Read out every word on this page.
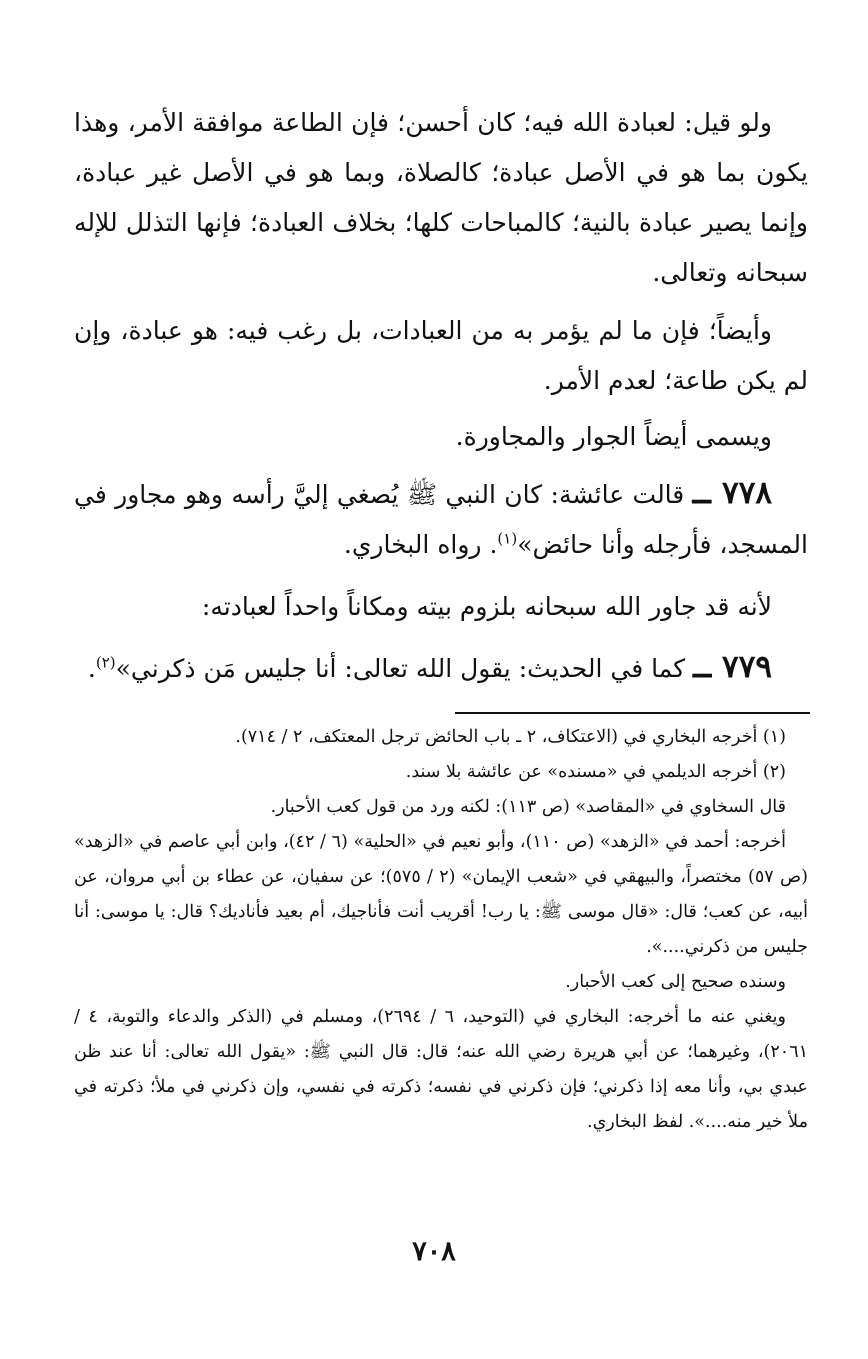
ولو قيل: لعبادة الله فيه؛ كان أحسن؛ فإن الطاعة موافقة الأمر، وهذا يكون بما هو في الأصل عبادة؛ كالصلاة، وبما هو في الأصل غير عبادة، وإنما يصير عبادة بالنية؛ كالمباحات كلها؛ بخلاف العبادة؛ فإنها التذلل للإله سبحانه وتعالى.

وأيضاً؛ فإن ما لم يؤمر به من العبادات، بل رغب فيه: هو عبادة، وإن لم يكن طاعة؛ لعدم الأمر.

ويسمى أيضاً الجوار والمجاورة.

٧٧٨ ــ قالت عائشة: كان النبي ﷺ يُصغي إليَّ رأسه وهو مجاور في المسجد، فأرجله وأنا حائض»$^{(١)}$. رواه البخاري.

لأنه قد جاور الله سبحانه بلزوم بيته ومكاناً واحداً لعبادته:

٧٧٩ ــ كما في الحديث: يقول الله تعالى: أنا جليس مَن ذكرني»$^{(٢)}$.

(١) أخرجه البخاري في (الاعتكاف، ٢ ـ باب الحائض ترجل المعتكف، ٢ / ٧١٤).

(٢) أخرجه الديلمي في «مسنده» عن عائشة بلا سند.

قال السخاوي في «المقاصد» (ص ١١٣): لكنه ورد من قول كعب الأحبار.

أخرجه: أحمد في «الزهد» (ص ١١٠)، وأبو نعيم في «الحلية» (٦ / ٤٢)، وابن أبي عاصم في «الزهد» (ص ٥٧) مختصراً، والبيهقي في «شعب الإيمان» (٢ / ٥٧٥)؛ عن سفيان، عن عطاء بن أبي مروان، عن أبيه، عن كعب؛ قال: «قال موسى ﷺ: يا رب! أقريب أنت فأناجيك، أم بعيد فأناديك؟ قال: يا موسى: أنا جليس من ذكرني....».

وسنده صحيح إلى كعب الأحبار.

ويغني عنه ما أخرجه: البخاري في (التوحيد، ٦ / ٢٦٩٤)، ومسلم في (الذكر والدعاء والتوبة، ٤ / ٢٠٦١)، وغيرهما؛ عن أبي هريرة رضي الله عنه؛ قال: قال النبي ﷺ: «يقول الله تعالى: أنا عند ظن عبدي بي، وأنا معه إذا ذكرني؛ فإن ذكرني في نفسه؛ ذكرته في نفسي، وإن ذكرني في ملأ؛ ذكرته في ملأ خير منه....». لفظ البخاري.

٧٠٨
